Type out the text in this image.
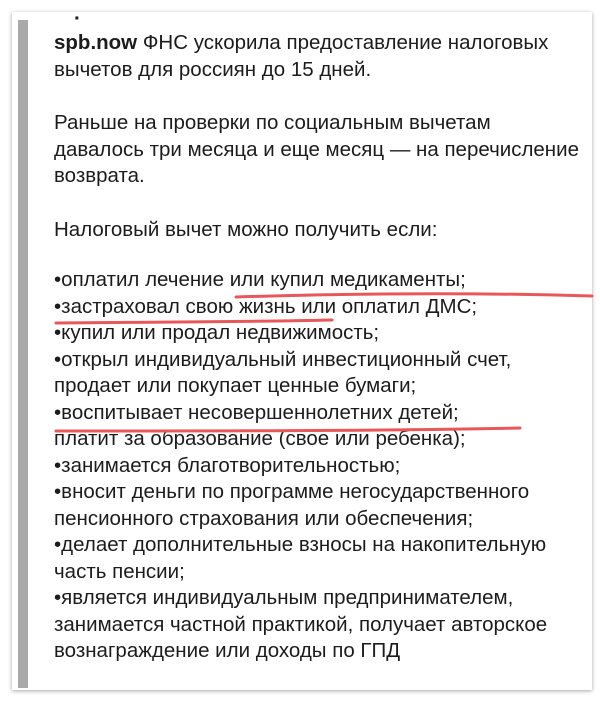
·

spb.now ФНС ускорила предоставление налоговых вычетов для россиян до 15 дней.

Раньше на проверки по социальным вычетам давалось три месяца и еще месяц — на перечисление возврата.

Налоговый вычет можно получить если:

•оплатил лечение или купил медикаменты;

•застраховал свою жизнь или оплатил ДМС;

•купил или продал недвижимость;

•открыл индивидуальный инвестиционный счет, продает или покупает ценные бумаги;

•воспитывает несовершеннолетних детей;

платит за образование (свое или ребенка);

•занимается благотворительностью;

•вносит деньги по программе негосударственного пенсионного страхования или обеспечения;

•делает дополнительные взносы на накопительную часть пенсии;

•является индивидуальным предпринимателем, занимается частной практикой, получает авторское вознаграждение или доходы по ГПД
